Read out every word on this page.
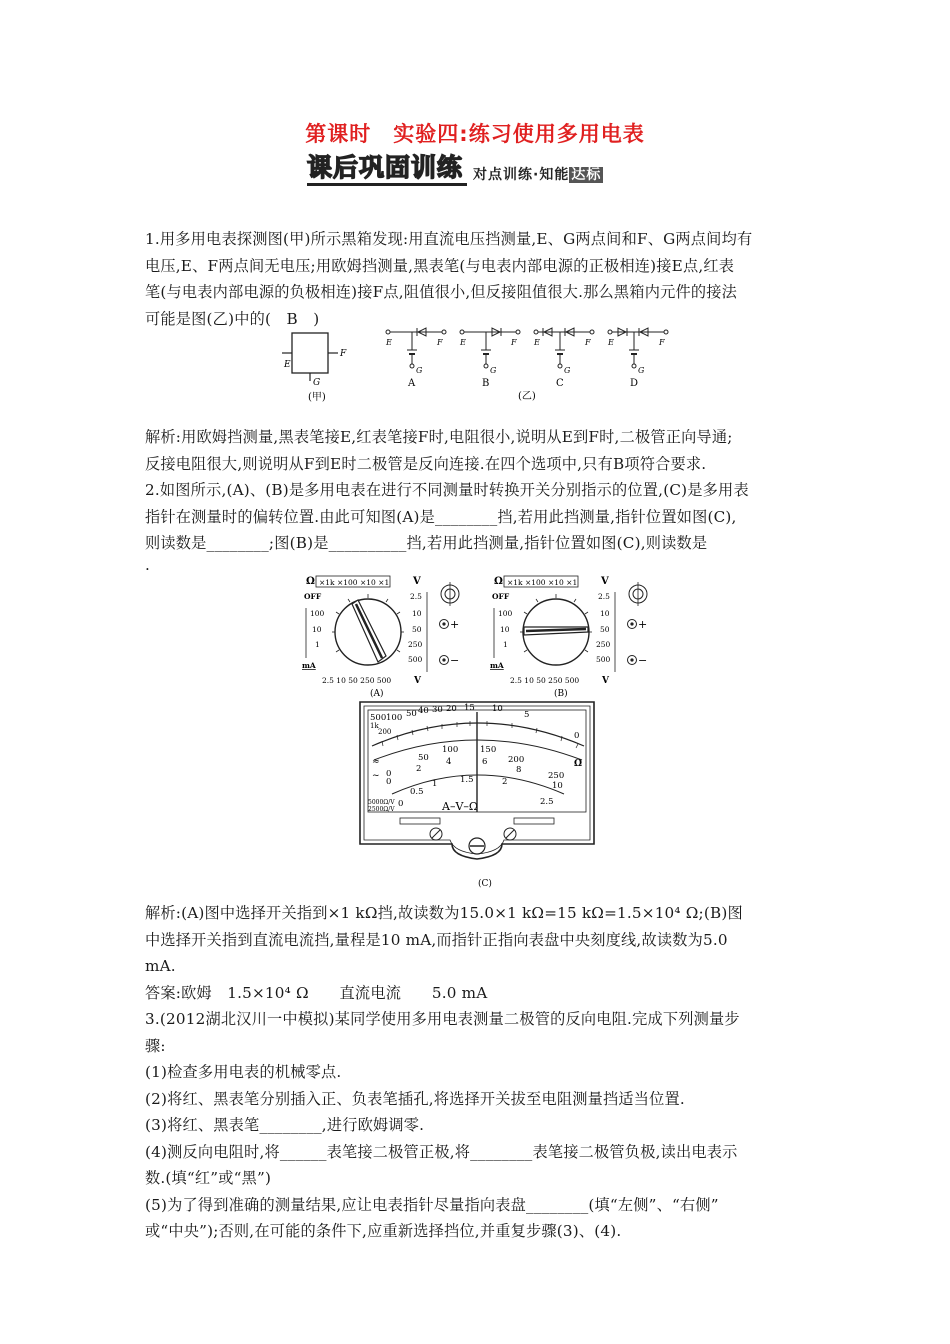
第课时　实验四:练习使用多用电表
课后巩固训练 对点训练·知能 达标

1.用多用电表探测图(甲)所示黑箱发现:用直流电压挡测量,E、G两点间和F、G两点间均有

电压,E、F两点间无电压;用欧姆挡测量,黑表笔(与电表内部电源的正极相连)接E点,红表

笔(与电表内部电源的负极相连)接F点,阻值很小,但反接阻值很大.那么黑箱内元件的接法

可能是图(乙)中的(　B　)

E
F
G
(甲)
E	F
G
A
E	F
G
B
E	F
G
C
E	F
G
D
(乙)

解析:用欧姆挡测量,黑表笔接E,红表笔接F时,电阻很小,说明从E到F时,二极管正向导通;

反接电阻很大,则说明从F到E时二极管是反向连接.在四个选项中,只有B项符合要求.

2.如图所示,(A)、(B)是多用电表在进行不同测量时转换开关分别指示的位置,(C)是多用表

指针在测量时的偏转位置.由此可知图(A)是________挡,若用此挡测量,指针位置如图(C),

则读数是________;图(B)是__________挡,若用此挡测量,指针位置如图(C),则读数是

.

Ω ×1k ×100 ×10 ×1 V
OFF
100
10
1
mA
2.5
10
50
250
500
2.5 10 50 250 500	V
+
−
(A)
Ω ×1k ×100 ×10 ×1 V
OFF
100
10
1
mA
2.5
10
50
250
500
2.5 10 50 250 500	V
+
−
(B)
500 100 50 40 30 20 15 10
5
0
1k
200
0
50
100	150
200
250
0
2
4	6
8
10
≈
~
Ω
0
0.5
1	1.5	2
2.5
A–V–Ω
5000Ω/V
2500Ω/V
(C)

解析:(A)图中选择开关指到×1 kΩ挡,故读数为15.0×1 kΩ=15 kΩ=1.5×10⁴ Ω;(B)图

中选择开关指到直流电流挡,量程是10 mA,而指针正指向表盘中央刻度线,故读数为5.0

mA.

答案:欧姆　1.5×10⁴ Ω　　直流电流　　5.0 mA

3.(2012湖北汉川一中模拟)某同学使用多用电表测量二极管的反向电阻.完成下列测量步

骤:

(1)检查多用电表的机械零点.

(2)将红、黑表笔分别插入正、负表笔插孔,将选择开关拔至电阻测量挡适当位置.

(3)将红、黑表笔________,进行欧姆调零.

(4)测反向电阻时,将______表笔接二极管正极,将________表笔接二极管负极,读出电表示

数.(填“红”或“黑”)

(5)为了得到准确的测量结果,应让电表指针尽量指向表盘________(填“左侧”、“右侧”

或“中央”);否则,在可能的条件下,应重新选择挡位,并重复步骤(3)、(4).
